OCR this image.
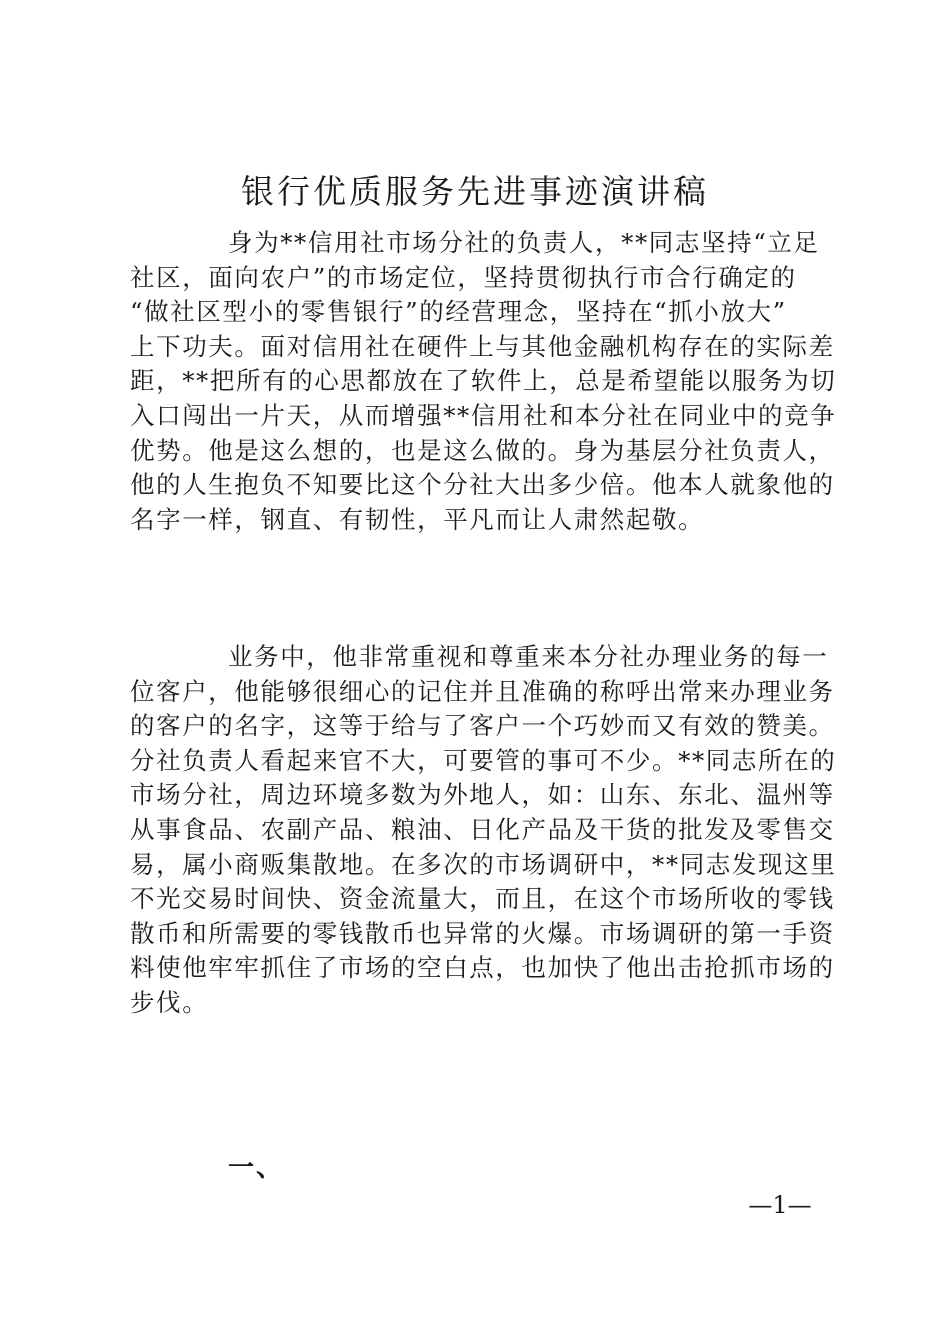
银行优质服务先进事迹演讲稿
身为**信用社市场分社的负责人，**同志坚持“立足
社区，面向农户”的市场定位，坚持贯彻执行市合行确定的
“做社区型小的零售银行”的经营理念，坚持在“抓小放大”
上下功夫。面对信用社在硬件上与其他金融机构存在的实际差
距，**把所有的心思都放在了软件上，总是希望能以服务为切
入口闯出一片天，从而增强**信用社和本分社在同业中的竞争
优势。他是这么想的，也是这么做的。身为基层分社负责人，
他的人生抱负不知要比这个分社大出多少倍。他本人就象他的
名字一样，钢直、有韧性，平凡而让人肃然起敬。
业务中，他非常重视和尊重来本分社办理业务的每一
位客户，他能够很细心的记住并且准确的称呼出常来办理业务
的客户的名字，这等于给与了客户一个巧妙而又有效的赞美。
分社负责人看起来官不大，可要管的事可不少。**同志所在的
市场分社，周边环境多数为外地人，如：山东、东北、温州等
从事食品、农副产品、粮油、日化产品及干货的批发及零售交
易，属小商贩集散地。在多次的市场调研中，**同志发现这里
不光交易时间快、资金流量大，而且，在这个市场所收的零钱
散币和所需要的零钱散币也异常的火爆。市场调研的第一手资
料使他牢牢抓住了市场的空白点，也加快了他出击抢抓市场的
步伐。
一、
—1—
